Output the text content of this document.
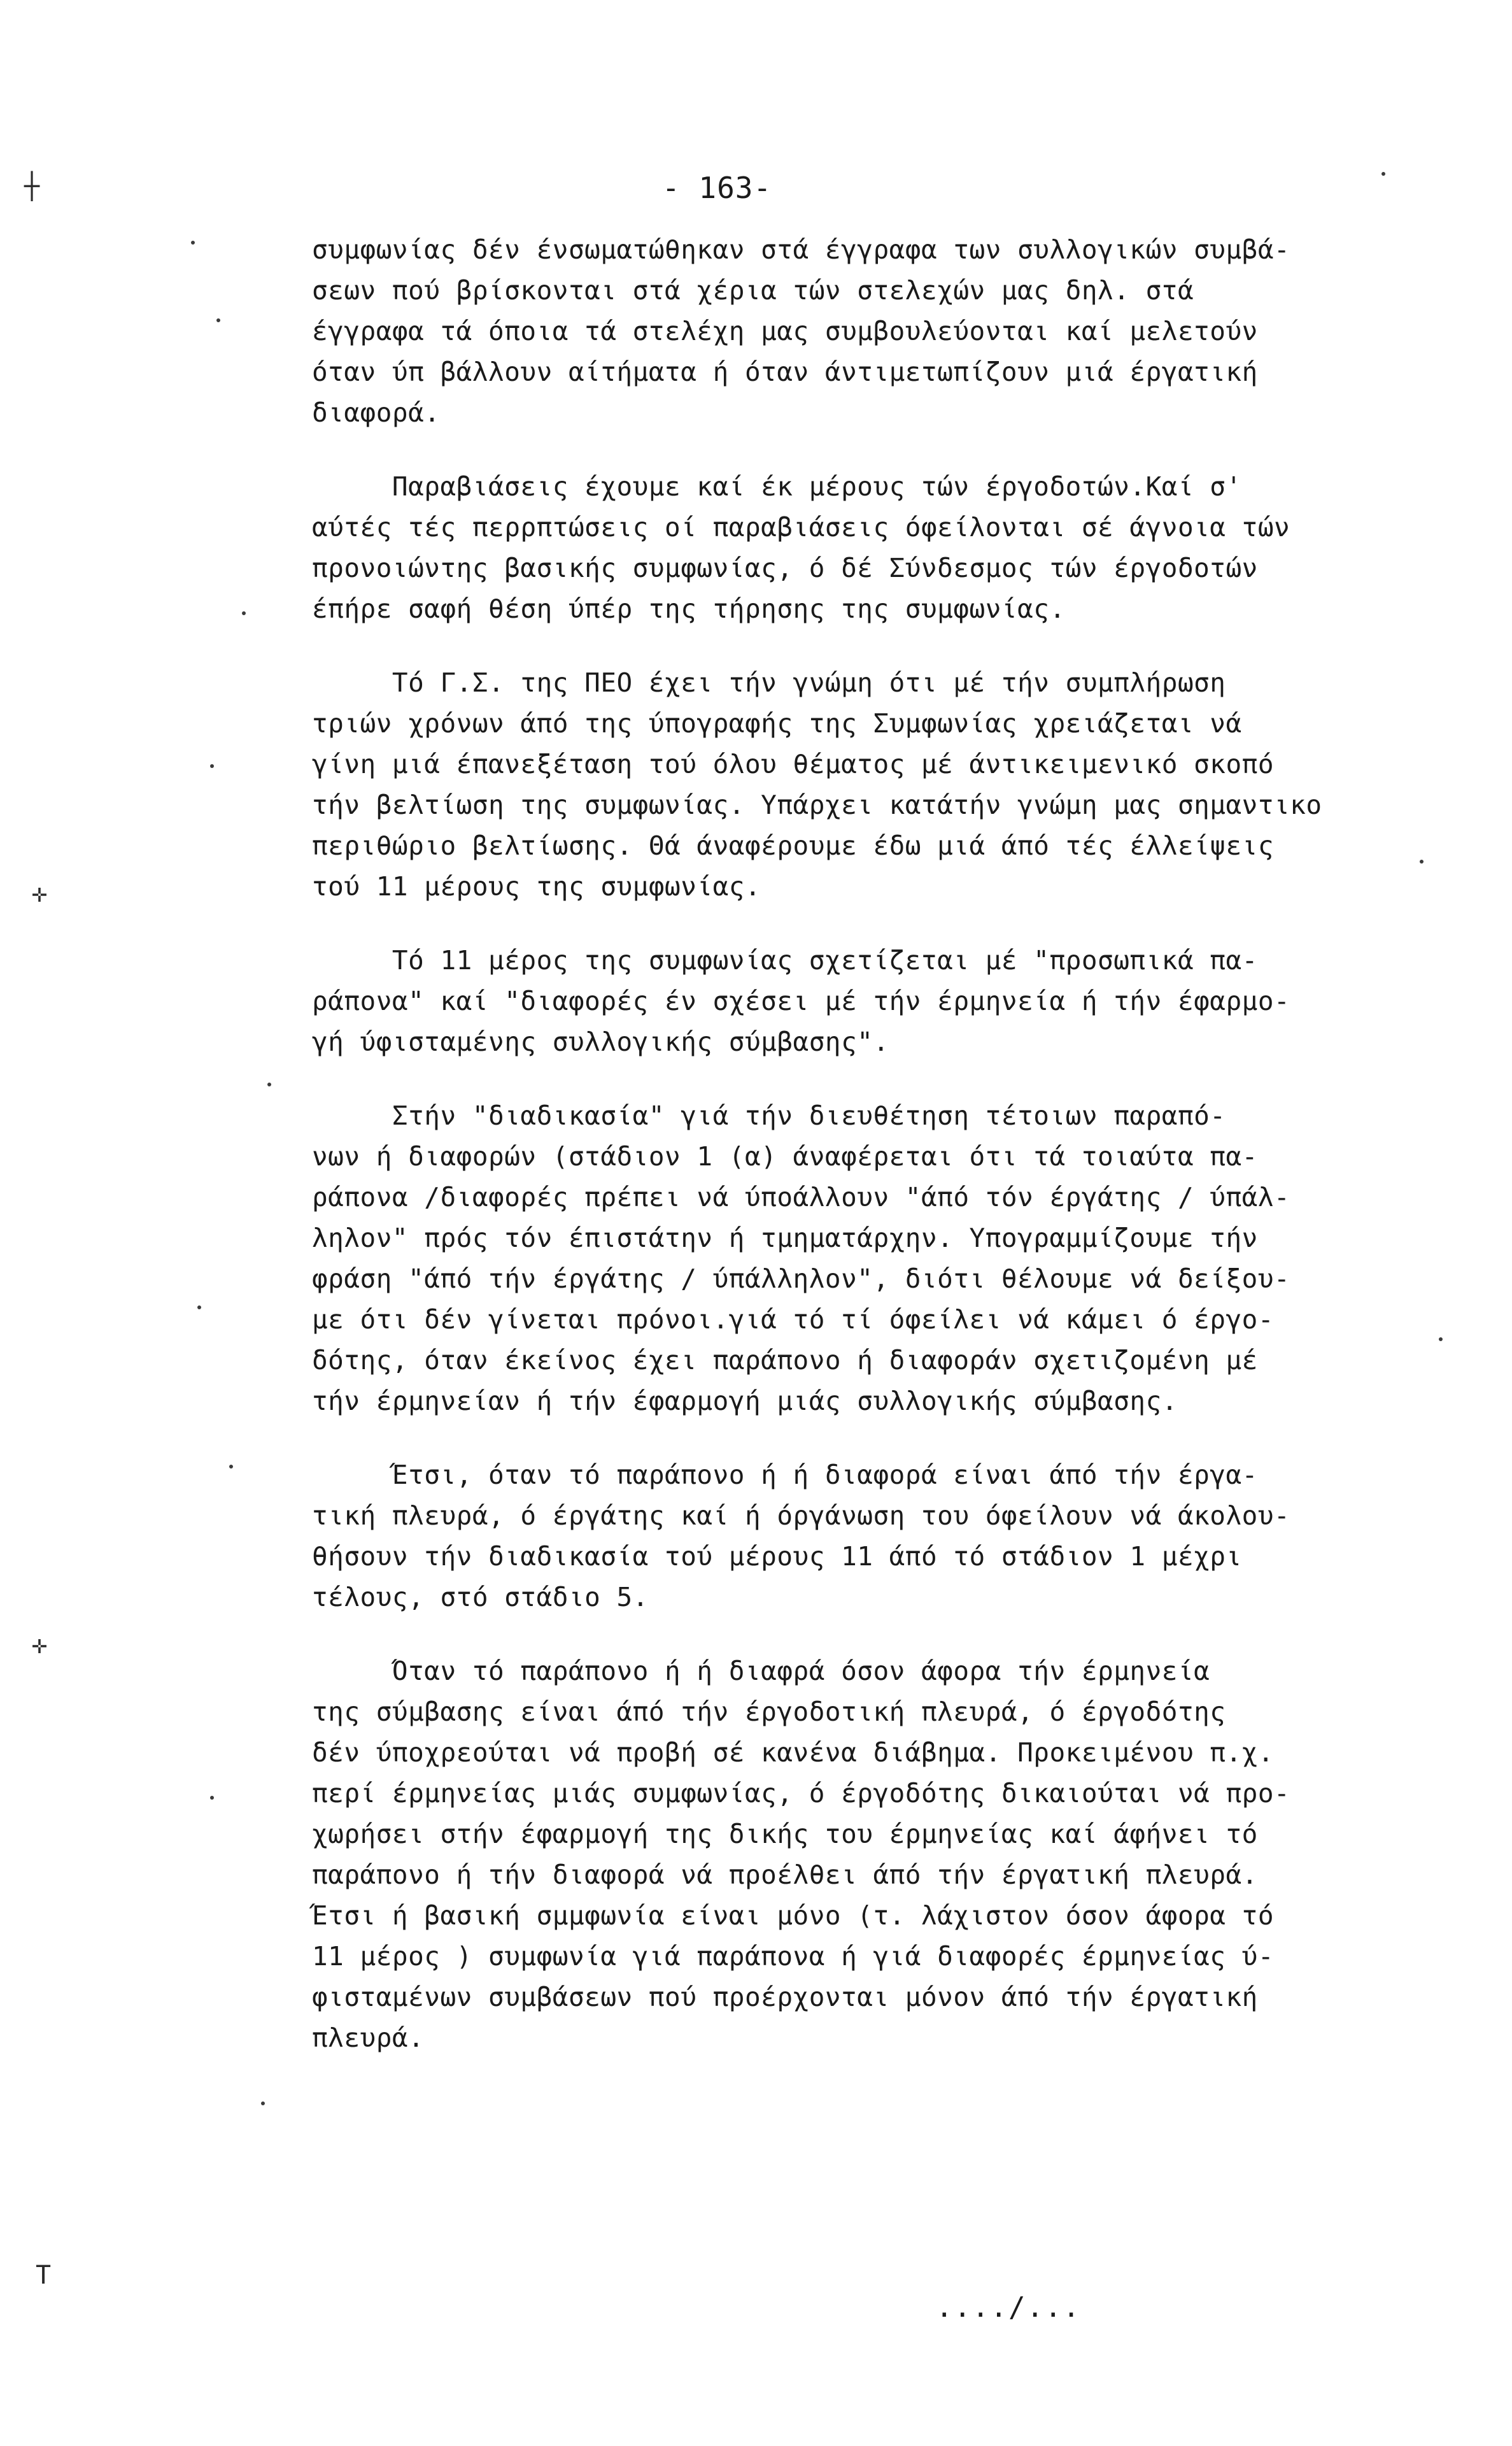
- 163-
συμφωνίας δέν ένσωματώθηκαν στά έγγραφα των συλλογικών συμβά-
σεων πού βρίσκονται στά χέρια τών στελεχών μας δηλ. στά
έγγραφα τά όποια τά στελέχη μας συμβουλεύονται καί μελετούν
όταν ύπ βάλλουν αίτήματα ή όταν άντιμετωπίζουν μιά έργατική
διαφορά.
Παραβιάσεις έχουμε καί έκ μέρους τών έργοδοτών.Καί σ'
αύτές τές περρπτώσεις οί παραβιάσεις όφείλονται σέ άγνοια τών
προνοιώντης βασικής συμφωνίας, ό δέ Σύνδεσμος τών έργοδοτών
έπήρε σαφή θέση ύπέρ της τήρησης της συμφωνίας.
Τό Γ.Σ. της ΠΕΟ έχει τήν γνώμη ότι μέ τήν συμπλήρωση
τριών χρόνων άπό της ύπογραφής της Συμφωνίας χρειάζεται νά
γίνη μιά έπανεξέταση τού όλου θέματος μέ άντικειμενικό σκοπό
τήν βελτίωση της συμφωνίας. Υπάρχει κατάτήν γνώμη μας σημαντικο
περιθώριο βελτίωσης. Θά άναφέρουμε έδω μιά άπό τές έλλείψεις
τού 11 μέρους της συμφωνίας.
Τό 11 μέρος της συμφωνίας σχετίζεται μέ "προσωπικά πα-
ράπονα" καί "διαφορές έν σχέσει μέ τήν έρμηνεία ή τήν έφαρμο-
γή ύφισταμένης συλλογικής σύμβασης".
Στήν "διαδικασία" γιά τήν διευθέτηση τέτοιων παραπό-
νων ή διαφορών (στάδιον 1 (α) άναφέρεται ότι τά τοιαύτα πα-
ράπονα /διαφορές πρέπει νά ύποάλλουν "άπό τόν έργάτης / ύπάλ-
ληλον" πρός τόν έπιστάτην ή τμηματάρχην. Υπογραμμίζουμε τήν
φράση "άπό τήν έργάτης / ύπάλληλον", διότι θέλουμε νά δείξου-
με ότι δέν γίνεται πρόνοι.γιά τό τί όφείλει νά κάμει ό έργο-
δότης, όταν έκείνος έχει παράπονο ή διαφοράν σχετιζομένη μέ
τήν έρμηνείαν ή τήν έφαρμογή μιάς συλλογικής σύμβασης.
Έτσι, όταν τό παράπονο ή ή διαφορά είναι άπό τήν έργα-
τική πλευρά, ό έργάτης καί ή όργάνωση του όφείλουν νά άκολου-
θήσουν τήν διαδικασία τού μέρους 11 άπό τό στάδιον 1 μέχρι
τέλους, στό στάδιο 5.
Όταν τό παράπονο ή ή διαφρά όσον άφορα τήν έρμηνεία
της σύμβασης είναι άπό τήν έργοδοτική πλευρά, ό έργοδότης
δέν ύποχρεούται νά προβή σέ κανένα διάβημα. Προκειμένου π.χ.
περί έρμηνείας μιάς συμφωνίας, ό έργοδότης δικαιούται νά προ-
χωρήσει στήν έφαρμογή της δικής του έρμηνείας καί άφήνει τό
παράπονο ή τήν διαφορά νά προέλθει άπό τήν έργατική πλευρά.
Έτσι ή βασική σμμφωνία είναι μόνο (τ. λάχιστον όσον άφορα τό
11 μέρος ) συμφωνία γιά παράπονα ή γιά διαφορές έρμηνείας ύ-
φισταμένων συμβάσεων πού προέρχονται μόνον άπό τήν έργατική
πλευρά.
..../...
┼
✛
✛
T
